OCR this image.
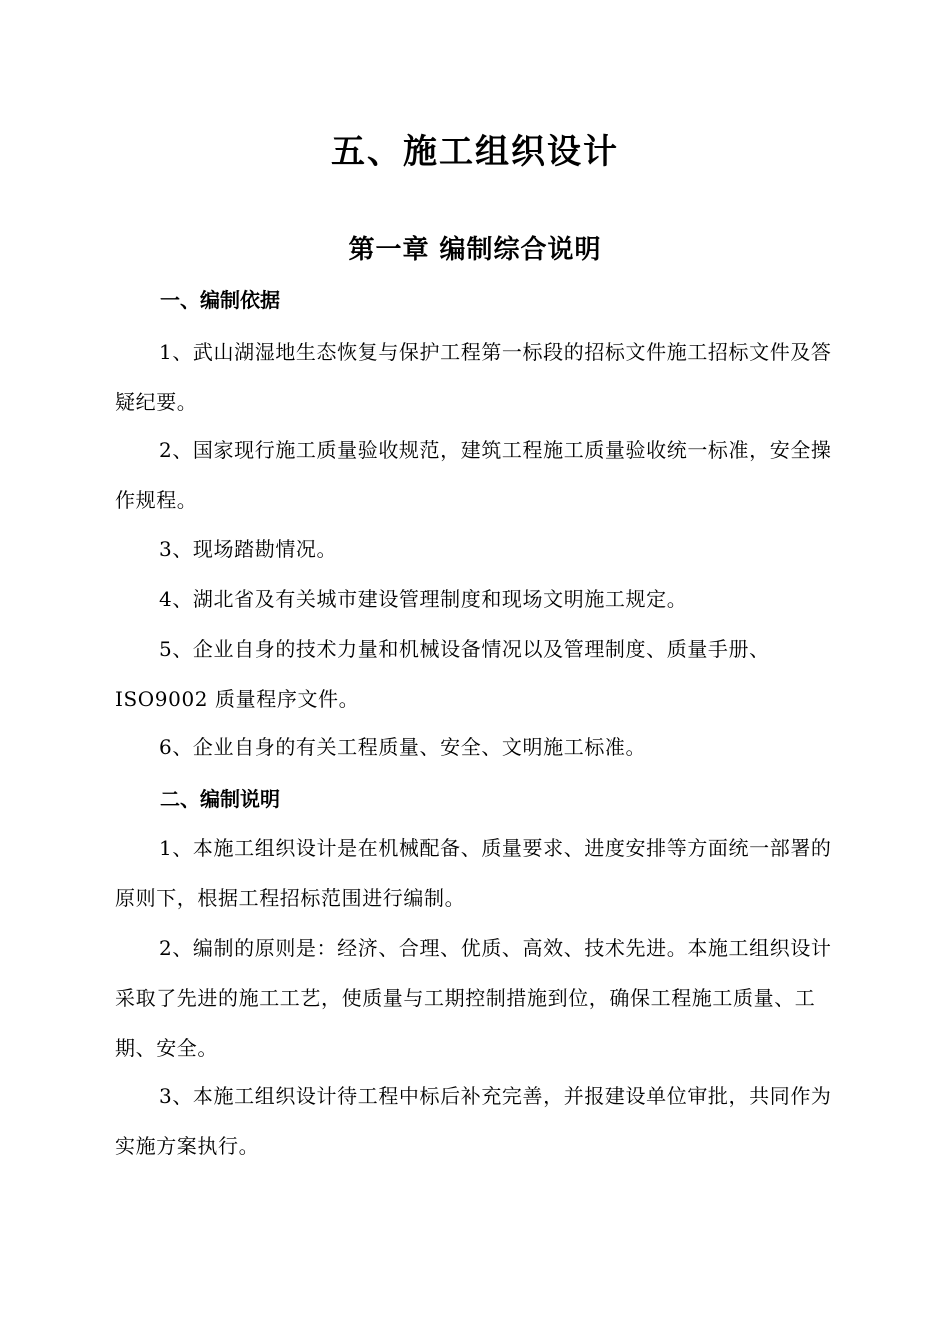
五、施工组织设计
第一章 编制综合说明
一、编制依据
1、武山湖湿地生态恢复与保护工程第一标段的招标文件施工招标文件及答疑纪要。
2、国家现行施工质量验收规范，建筑工程施工质量验收统一标准，安全操作规程。
3、现场踏勘情况。
4、湖北省及有关城市建设管理制度和现场文明施工规定。
5、企业自身的技术力量和机械设备情况以及管理制度、质量手册、ISO9002 质量程序文件。
6、企业自身的有关工程质量、安全、文明施工标准。
二、编制说明
1、本施工组织设计是在机械配备、质量要求、进度安排等方面统一部署的原则下，根据工程招标范围进行编制。
2、编制的原则是：经济、合理、优质、高效、技术先进。本施工组织设计采取了先进的施工工艺，使质量与工期控制措施到位，确保工程施工质量、工期、安全。
3、本施工组织设计待工程中标后补充完善，并报建设单位审批，共同作为实施方案执行。
